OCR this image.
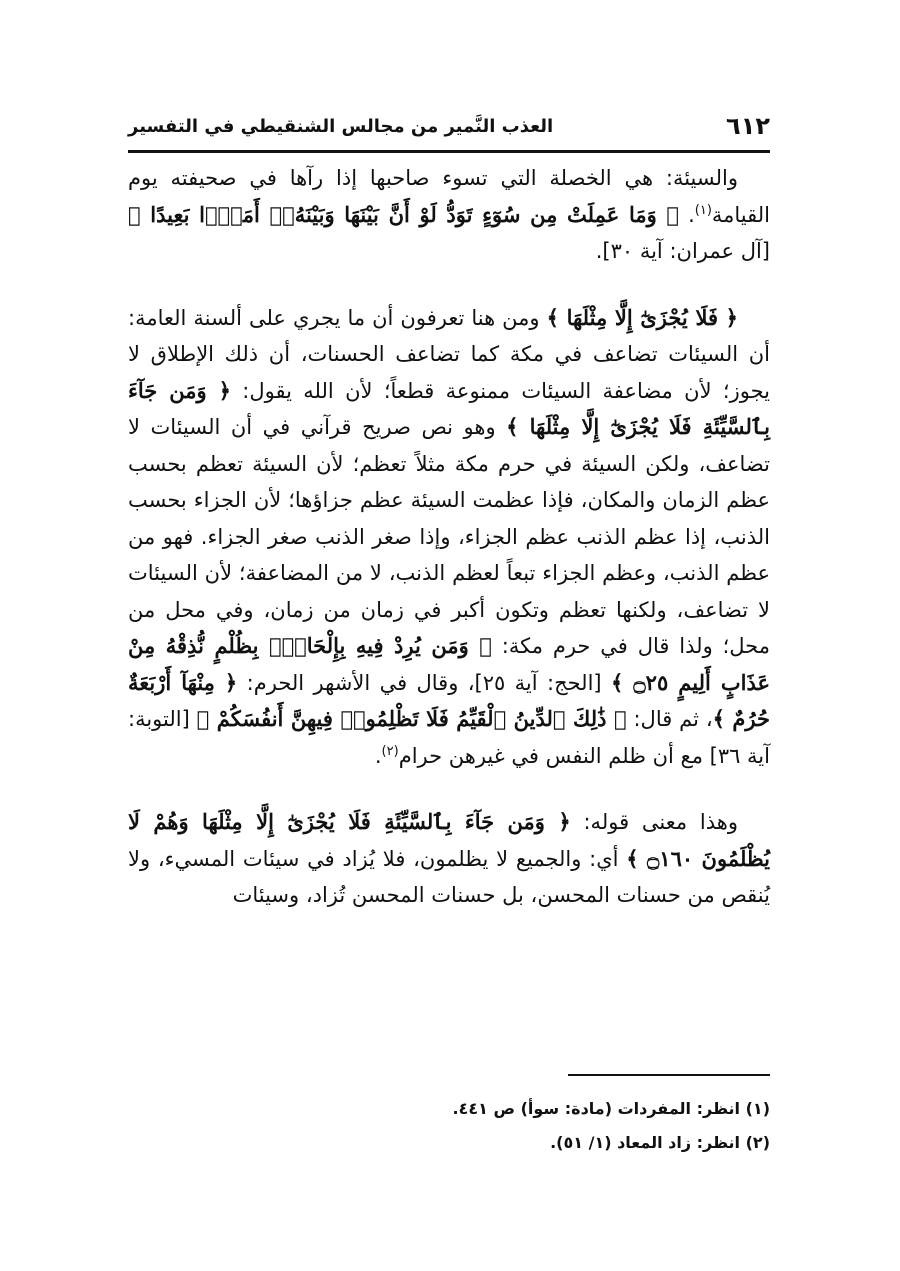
٦١٢
العذب النَّمير من مجالس الشنقيطي في التفسير

والسيئة: هي الخصلة التي تسوء صاحبها إذا رآها في صحيفته يوم القيامة$^{(١)}$. ﴿ وَمَا عَمِلَتْ مِن سُوٓءٍ تَوَدُّ لَوْ أَنَّ بَيْنَهَا وَبَيْنَهُۥٓ أَمَدًۢا بَعِيدًا ﴾ [آل عمران: آية ٣٠].

﴿ فَلَا يُجْزَىٰٓ إِلَّا مِثْلَهَا ﴾ ومن هنا تعرفون أن ما يجري على ألسنة العامة: أن السيئات تضاعف في مكة كما تضاعف الحسنات، أن ذلك الإطلاق لا يجوز؛ لأن مضاعفة السيئات ممنوعة قطعاً؛ لأن الله يقول: ﴿ وَمَن جَآءَ بِٱلسَّيِّئَةِ فَلَا يُجْزَىٰٓ إِلَّا مِثْلَهَا ﴾ وهو نص صريح قرآني في أن السيئات لا تضاعف، ولكن السيئة في حرم مكة مثلاً تعظم؛ لأن السيئة تعظم بحسب عظم الزمان والمكان، فإذا عظمت السيئة عظم جزاؤها؛ لأن الجزاء بحسب الذنب، إذا عظم الذنب عظم الجزاء، وإذا صغر الذنب صغر الجزاء. فهو من عظم الذنب، وعظم الجزاء تبعاً لعظم الذنب، لا من المضاعفة؛ لأن السيئات لا تضاعف، ولكنها تعظم وتكون أكبر في زمان من زمان، وفي محل من محل؛ ولذا قال في حرم مكة: ﴿ وَمَن يُرِدْ فِيهِ بِإِلْحَادٍۭ بِظُلْمٍ نُّذِقْهُ مِنْ عَذَابٍ أَلِيمٍ ۝٢٥ ﴾ [الحج: آية ٢٥]، وقال في الأشهر الحرم: ﴿ مِنْهَآ أَرْبَعَةٌ حُرُمٌ ﴾، ثم قال: ﴿ ذَٰلِكَ ٱلدِّينُ ٱلْقَيِّمُ فَلَا تَظْلِمُوا۟ فِيهِنَّ أَنفُسَكُمْ ﴾ [التوبة: آية ٣٦] مع أن ظلم النفس في غيرهن حرام$^{(٢)}$.

وهذا معنى قوله: ﴿ وَمَن جَآءَ بِٱلسَّيِّئَةِ فَلَا يُجْزَىٰٓ إِلَّا مِثْلَهَا وَهُمْ لَا يُظْلَمُونَ ۝١٦٠ ﴾ أي: والجميع لا يظلمون، فلا يُزاد في سيئات المسيء، ولا يُنقص من حسنات المحسن، بل حسنات المحسن تُزاد، وسيئات

(١) انظر: المفردات (مادة: سوأ) ص ٤٤١.

(٢) انظر: زاد المعاد (١/ ٥١).
